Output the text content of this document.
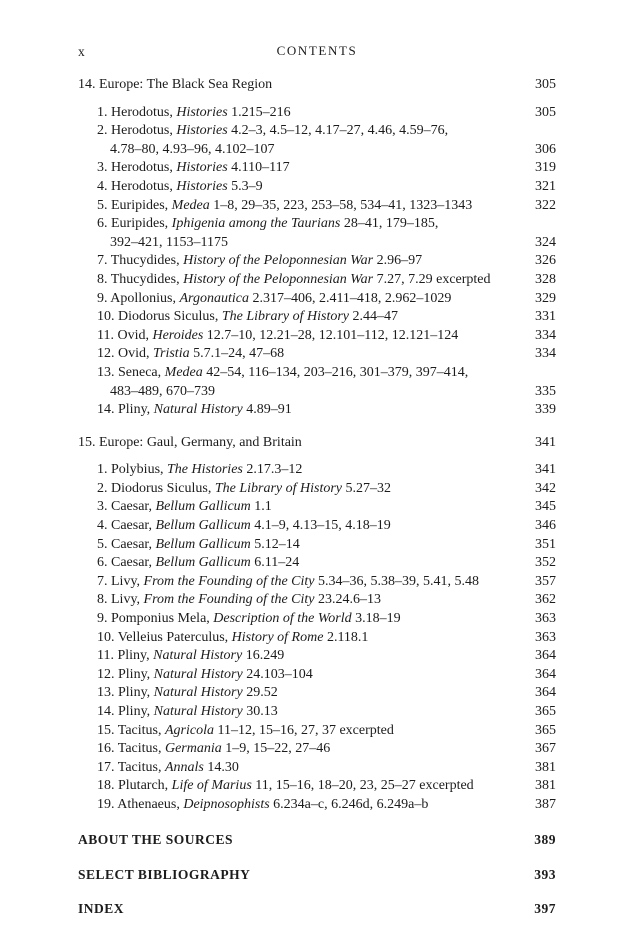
x	CONTENTS
14. Europe: The Black Sea Region	305
1. Herodotus, Histories 1.215–216	305
2. Herodotus, Histories 4.2–3, 4.5–12, 4.17–27, 4.46, 4.59–76,
4.78–80, 4.93–96, 4.102–107	306
3. Herodotus, Histories 4.110–117	319
4. Herodotus, Histories 5.3–9	321
5. Euripides, Medea 1–8, 29–35, 223, 253–58, 534–41, 1323–1343	322
6. Euripides, Iphigenia among the Taurians 28–41, 179–185,
392–421, 1153–1175	324
7. Thucydides, History of the Peloponnesian War 2.96–97	326
8. Thucydides, History of the Peloponnesian War 7.27, 7.29 excerpted	328
9. Apollonius, Argonautica 2.317–406, 2.411–418, 2.962–1029	329
10. Diodorus Siculus, The Library of History 2.44–47	331
11. Ovid, Heroides 12.7–10, 12.21–28, 12.101–112, 12.121–124	334
12. Ovid, Tristia 5.7.1–24, 47–68	334
13. Seneca, Medea 42–54, 116–134, 203–216, 301–379, 397–414,
483–489, 670–739	335
14. Pliny, Natural History 4.89–91	339
15. Europe: Gaul, Germany, and Britain	341
1. Polybius, The Histories 2.17.3–12	341
2. Diodorus Siculus, The Library of History 5.27–32	342
3. Caesar, Bellum Gallicum 1.1	345
4. Caesar, Bellum Gallicum 4.1–9, 4.13–15, 4.18–19	346
5. Caesar, Bellum Gallicum 5.12–14	351
6. Caesar, Bellum Gallicum 6.11–24	352
7. Livy, From the Founding of the City 5.34–36, 5.38–39, 5.41, 5.48	357
8. Livy, From the Founding of the City 23.24.6–13	362
9. Pomponius Mela, Description of the World 3.18–19	363
10. Velleius Paterculus, History of Rome 2.118.1	363
11. Pliny, Natural History 16.249	364
12. Pliny, Natural History 24.103–104	364
13. Pliny, Natural History 29.52	364
14. Pliny, Natural History 30.13	365
15. Tacitus, Agricola 11–12, 15–16, 27, 37 excerpted	365
16. Tacitus, Germania 1–9, 15–22, 27–46	367
17. Tacitus, Annals 14.30	381
18. Plutarch, Life of Marius 11, 15–16, 18–20, 23, 25–27 excerpted	381
19. Athenaeus, Deipnosophists 6.234a–c, 6.246d, 6.249a–b	387
ABOUT THE SOURCES	389
SELECT BIBLIOGRAPHY	393
INDEX	397
